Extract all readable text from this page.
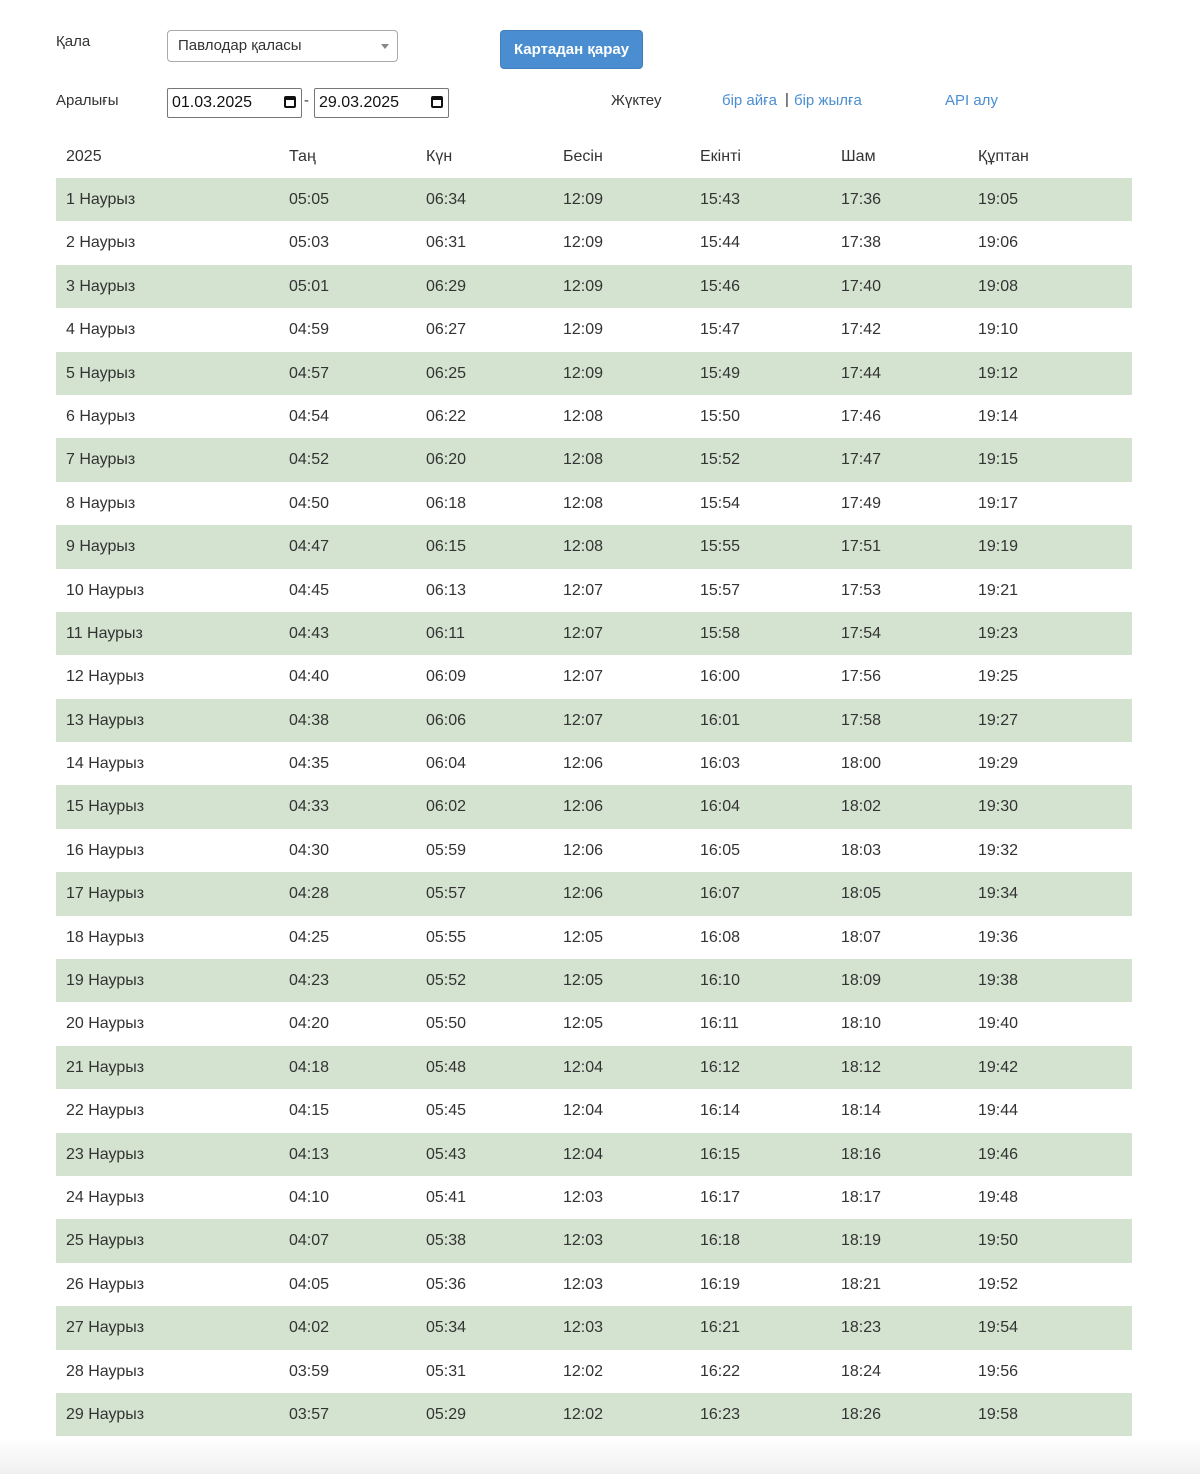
Қала	Павлодар қаласы	Картадан қарау
Аралығы	01.03.2025	- 29.03.2025	Жүктеу	бір айға | бір жылға	API алу
2025	Таң	Күн	Бесін	Екінті	Шам	Құптан
1 Наурыз	05:05	06:34	12:09	15:43	17:36	19:05
2 Наурыз	05:03	06:31	12:09	15:44	17:38	19:06
3 Наурыз	05:01	06:29	12:09	15:46	17:40	19:08
4 Наурыз	04:59	06:27	12:09	15:47	17:42	19:10
5 Наурыз	04:57	06:25	12:09	15:49	17:44	19:12
6 Наурыз	04:54	06:22	12:08	15:50	17:46	19:14
7 Наурыз	04:52	06:20	12:08	15:52	17:47	19:15
8 Наурыз	04:50	06:18	12:08	15:54	17:49	19:17
9 Наурыз	04:47	06:15	12:08	15:55	17:51	19:19
10 Наурыз	04:45	06:13	12:07	15:57	17:53	19:21
11 Наурыз	04:43	06:11	12:07	15:58	17:54	19:23
12 Наурыз	04:40	06:09	12:07	16:00	17:56	19:25
13 Наурыз	04:38	06:06	12:07	16:01	17:58	19:27
14 Наурыз	04:35	06:04	12:06	16:03	18:00	19:29
15 Наурыз	04:33	06:02	12:06	16:04	18:02	19:30
16 Наурыз	04:30	05:59	12:06	16:05	18:03	19:32
17 Наурыз	04:28	05:57	12:06	16:07	18:05	19:34
18 Наурыз	04:25	05:55	12:05	16:08	18:07	19:36
19 Наурыз	04:23	05:52	12:05	16:10	18:09	19:38
20 Наурыз	04:20	05:50	12:05	16:11	18:10	19:40
21 Наурыз	04:18	05:48	12:04	16:12	18:12	19:42
22 Наурыз	04:15	05:45	12:04	16:14	18:14	19:44
23 Наурыз	04:13	05:43	12:04	16:15	18:16	19:46
24 Наурыз	04:10	05:41	12:03	16:17	18:17	19:48
25 Наурыз	04:07	05:38	12:03	16:18	18:19	19:50
26 Наурыз	04:05	05:36	12:03	16:19	18:21	19:52
27 Наурыз	04:02	05:34	12:03	16:21	18:23	19:54
28 Наурыз	03:59	05:31	12:02	16:22	18:24	19:56
29 Наурыз	03:57	05:29	12:02	16:23	18:26	19:58
